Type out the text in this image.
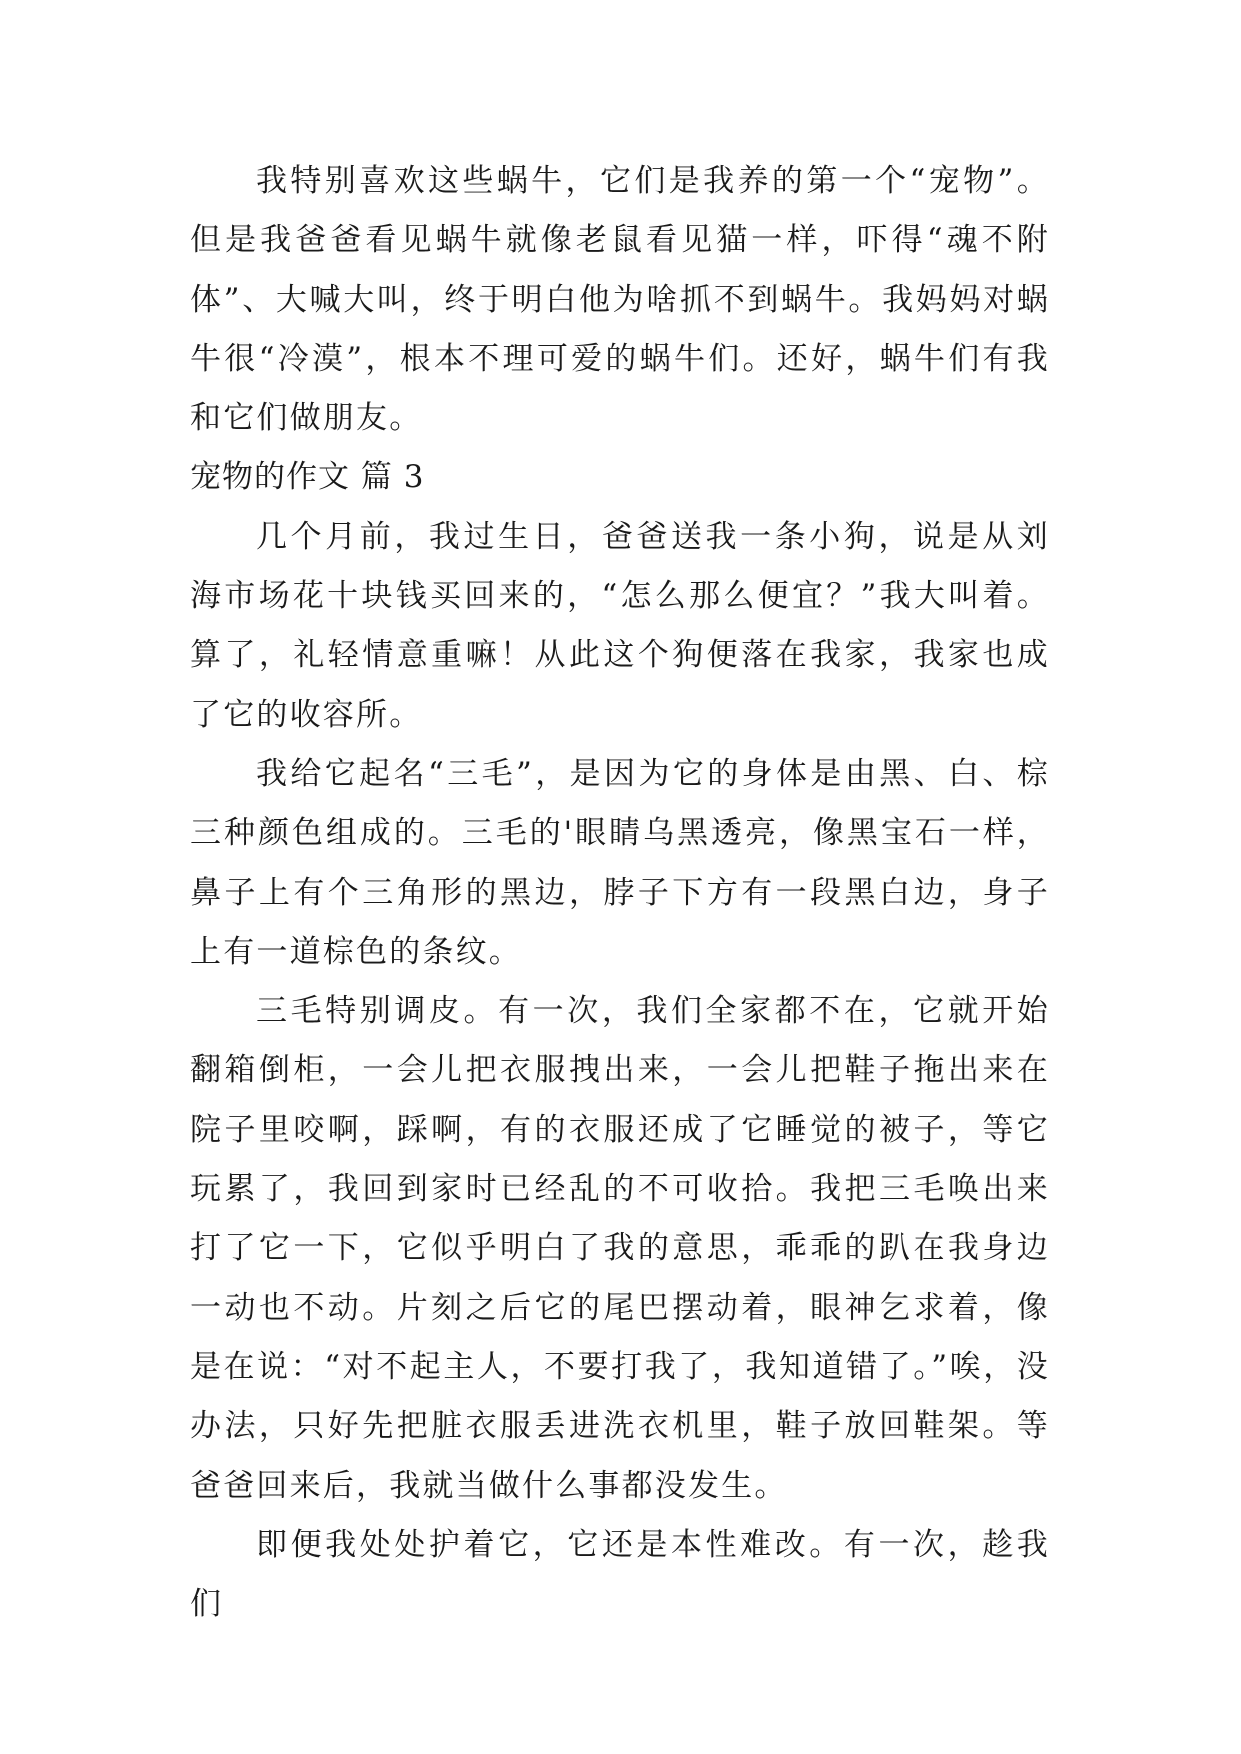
我特别喜欢这些蜗牛，它们是我养的第一个“宠物”。但是我爸爸看见蜗牛就像老鼠看见猫一样，吓得“魂不附体”、大喊大叫，终于明白他为啥抓不到蜗牛。我妈妈对蜗牛很“冷漠”，根本不理可爱的蜗牛们。还好，蜗牛们有我和它们做朋友。

宠物的作文 篇 3

几个月前，我过生日，爸爸送我一条小狗，说是从刘海市场花十块钱买回来的，“怎么那么便宜？”我大叫着。算了，礼轻情意重嘛！从此这个狗便落在我家，我家也成了它的收容所。

我给它起名“三毛”，是因为它的身体是由黑、白、棕三种颜色组成的。三毛的'眼睛乌黑透亮，像黑宝石一样，鼻子上有个三角形的黑边，脖子下方有一段黑白边，身子上有一道棕色的条纹。

三毛特别调皮。有一次，我们全家都不在，它就开始翻箱倒柜，一会儿把衣服拽出来，一会儿把鞋子拖出来在院子里咬啊，踩啊，有的衣服还成了它睡觉的被子，等它玩累了，我回到家时已经乱的不可收拾。我把三毛唤出来打了它一下，它似乎明白了我的意思，乖乖的趴在我身边一动也不动。片刻之后它的尾巴摆动着，眼神乞求着，像是在说：“对不起主人，不要打我了，我知道错了。”唉，没办法，只好先把脏衣服丢进洗衣机里，鞋子放回鞋架。等爸爸回来后，我就当做什么事都没发生。

即便我处处护着它，它还是本性难改。有一次，趁我们
